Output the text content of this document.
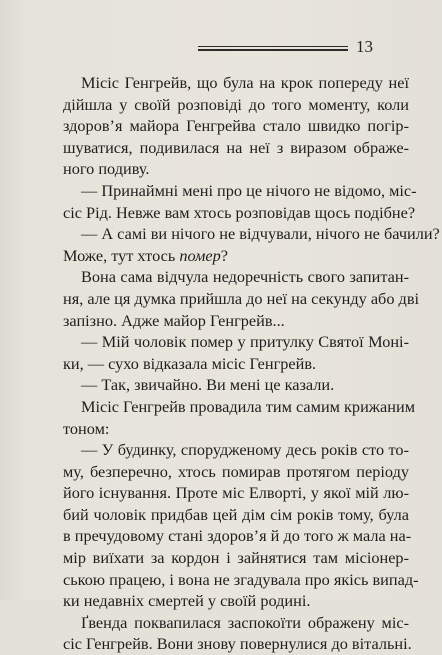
13
Місіс Генгрейв, що була на крок попереду неї
дійшла у своїй розповіді до того моменту, коли
здоров’я майора Генгрейва стало швидко погір-
шуватися, подивилася на неї з виразом ображе-
ного подиву.
— Принаймні мені про це нічого не відомо, міс-
сіс Рід. Невже вам хтось розповідав щось подібне?
— А самі ви нічого не відчували, нічого не бачили?
Може, тут хтось помер?
Вона сама відчула недоречність свого запитан-
ня, але ця думка прийшла до неї на секунду або дві
запізно. Адже майор Генгрейв...
— Мій чоловік помер у притулку Святої Моні-
ки, — сухо відказала місіс Генгрейв.
— Так, звичайно. Ви мені це казали.
Місіс Генгрейв провадила тим самим крижаним
тоном:
— У будинку, спорудженому десь років сто то-
му, безперечно, хтось помирав протягом періоду
його існування. Проте міс Елворті, у якої мій лю-
бий чоловік придбав цей дім сім років тому, була
в пречудовому стані здоров’я й до того ж мала на-
мір виїхати за кордон і зайнятися там місіонер-
ською працею, і вона не згадувала про якісь випад-
ки недавніх смертей у своїй родині.
Ґвенда поквапилася заспокоїти ображену міс-
сіс Генгрейв. Вони знову повернулися до вітальні.
